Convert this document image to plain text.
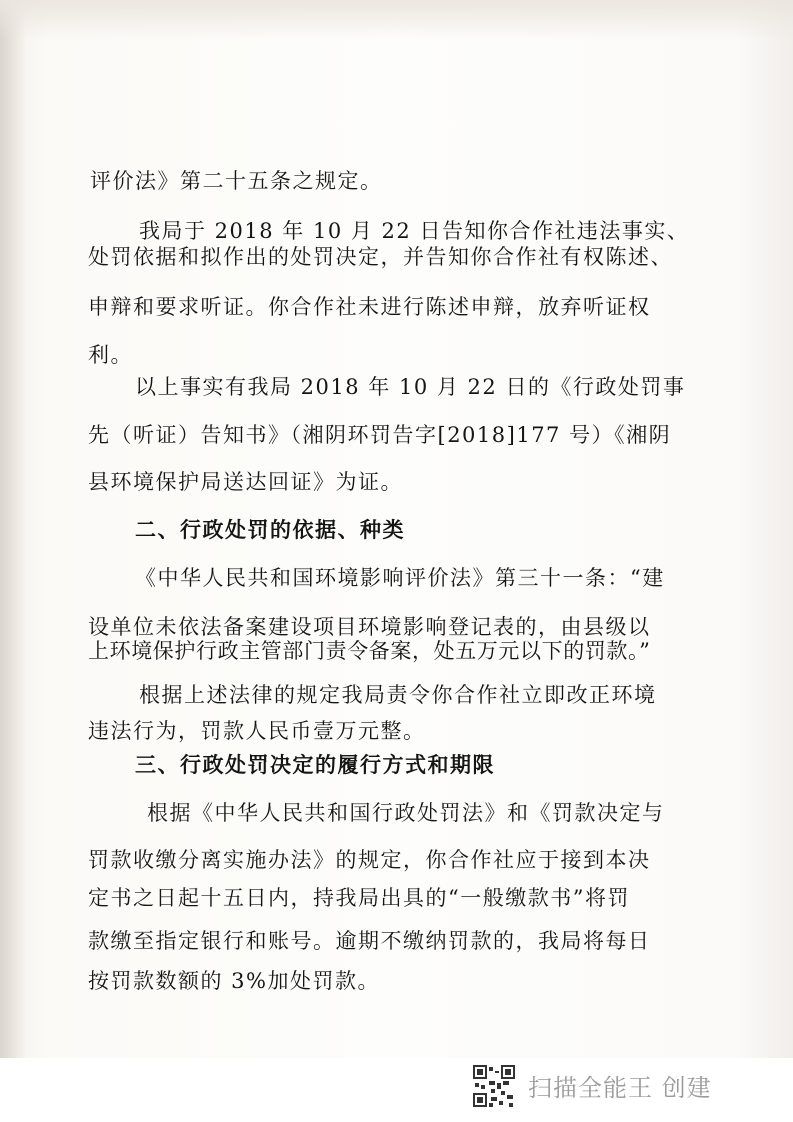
评价法》第二十五条之规定。
我局于 2018 年 10 月 22 日告知你合作社违法事实、
处罚依据和拟作出的处罚决定，并告知你合作社有权陈述、
申辩和要求听证。你合作社未进行陈述申辩，放弃听证权
利。
以上事实有我局 2018 年 10 月 22 日的《行政处罚事
先（听证）告知书》（湘阴环罚告字[2018]177 号）《湘阴
县环境保护局送达回证》为证。
二、行政处罚的依据、种类
《中华人民共和国环境影响评价法》第三十一条：“建
设单位未依法备案建设项目环境影响登记表的，由县级以
上环境保护行政主管部门责令备案，处五万元以下的罚款。”
根据上述法律的规定我局责令你合作社立即改正环境
违法行为，罚款人民币壹万元整。
三、行政处罚决定的履行方式和期限
根据《中华人民共和国行政处罚法》和《罚款决定与
罚款收缴分离实施办法》的规定，你合作社应于接到本决
定书之日起十五日内，持我局出具的“一般缴款书”将罚
款缴至指定银行和账号。逾期不缴纳罚款的，我局将每日
按罚款数额的 3%加处罚款。
扫描全能王 创建
